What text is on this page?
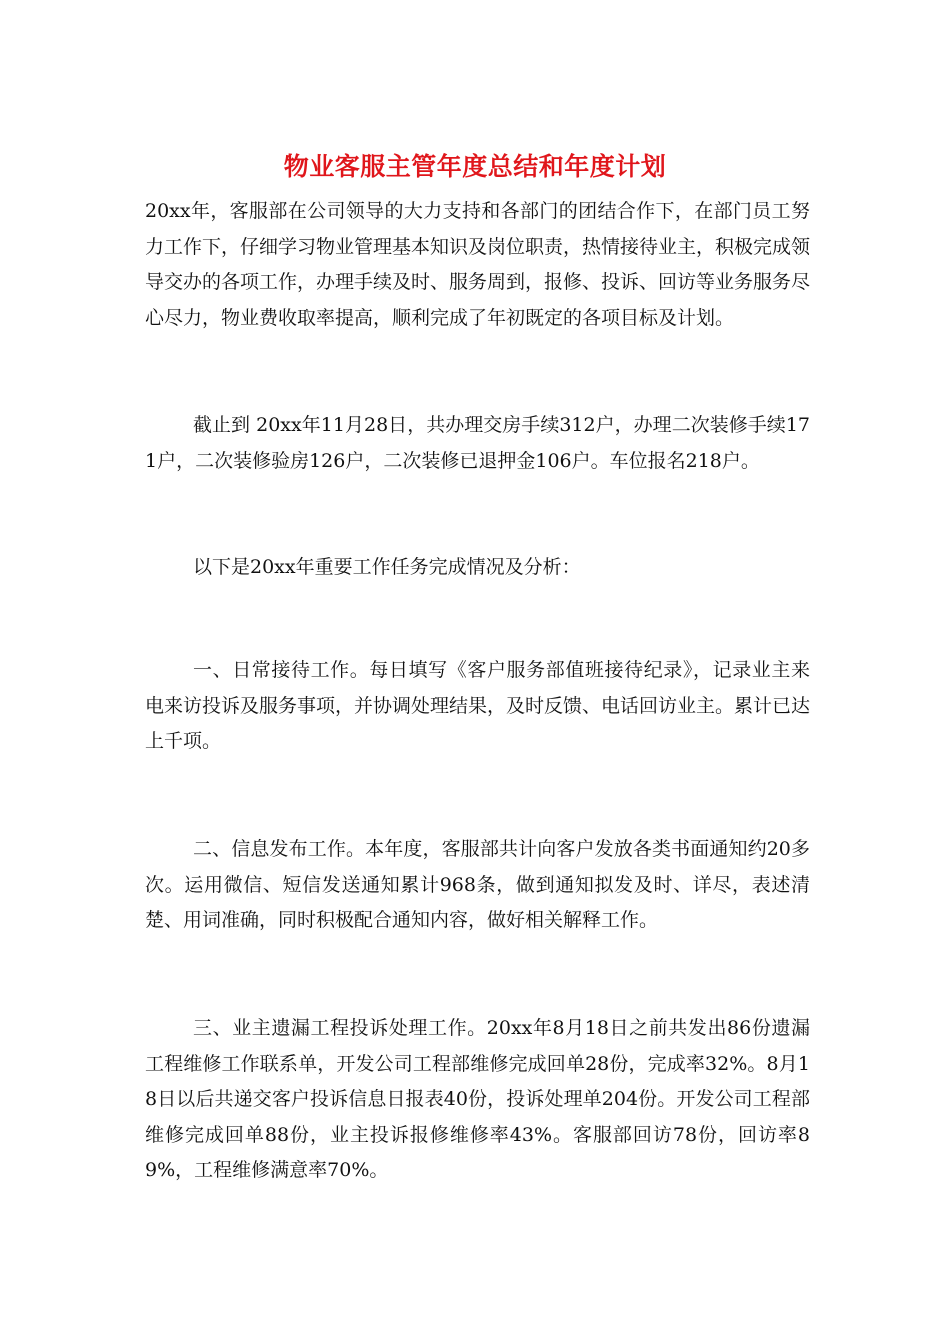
物业客服主管年度总结和年度计划

20xx年，客服部在公司领导的大力支持和各部门的团结合作下，在部门员工努力工作下，仔细学习物业管理基本知识及岗位职责，热情接待业主，积极完成领导交办的各项工作，办理手续及时、服务周到，报修、投诉、回访等业务服务尽心尽力，物业费收取率提高，顺利完成了年初既定的各项目标及计划。

截止到 20xx年11月28日，共办理交房手续312户，办理二次装修手续171户，二次装修验房126户，二次装修已退押金106户。车位报名218户。

以下是20xx年重要工作任务完成情况及分析：

一、日常接待工作。每日填写《客户服务部值班接待纪录》，记录业主来电来访投诉及服务事项，并协调处理结果，及时反馈、电话回访业主。累计已达上千项。

二、信息发布工作。本年度，客服部共计向客户发放各类书面通知约20多次。运用微信、短信发送通知累计968条，做到通知拟发及时、详尽，表述清楚、用词准确，同时积极配合通知内容，做好相关解释工作。

三、业主遗漏工程投诉处理工作。20xx年8月18日之前共发出86份遗漏工程维修工作联系单，开发公司工程部维修完成回单28份，完成率32%。8月18日以后共递交客户投诉信息日报表40份，投诉处理单204份。开发公司工程部维修完成回单88份，业主投诉报修维修率43%。客服部回访78份，回访率89%，工程维修满意率70%。
